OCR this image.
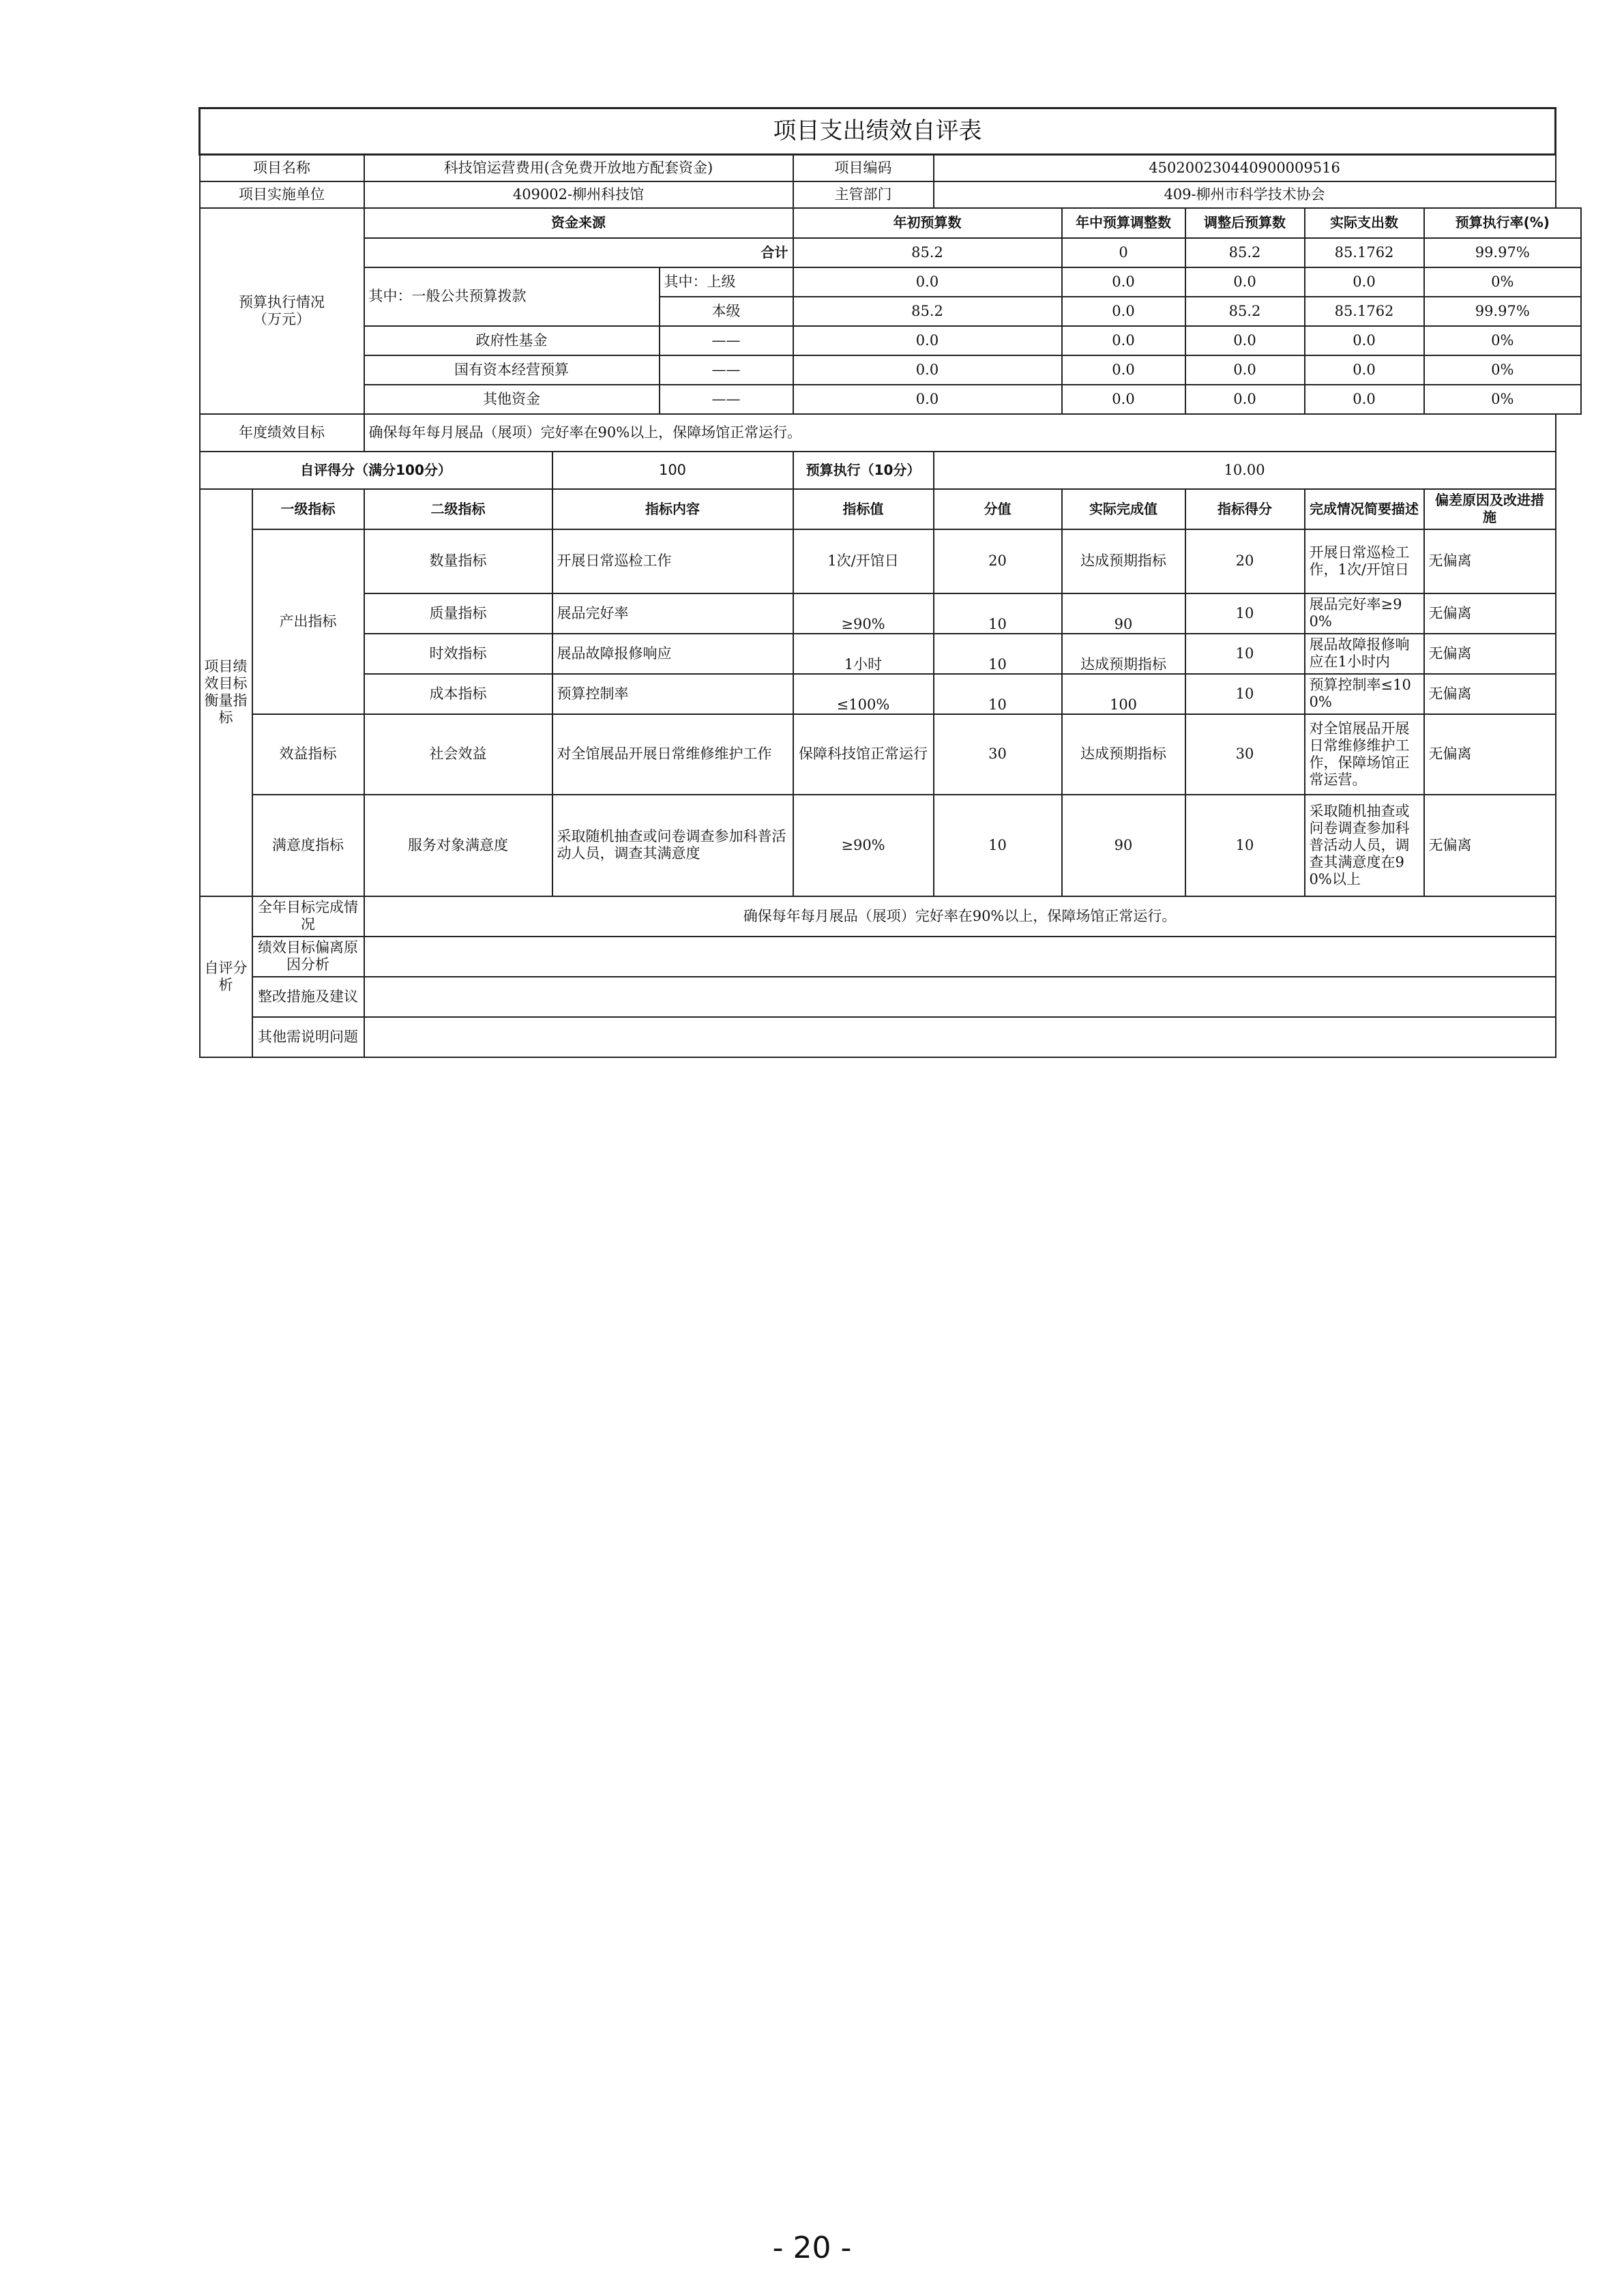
项目支出绩效自评表										
项目名称		科技馆运营费用(含免费开放地方配套资金)			项目编码	450200230440900009516				
项目实施单位		409002-柳州科技馆			主管部门	409-柳州市科学技术协会				
预算执行情况
（万元）		资金来源			年初预算数		年中预算调整数	调整后预算数	实际支出数	预算执行率(%)
		合计			85.2		0	85.2	85.1762	99.97%
		其中：一般公共预算拨款		其中：上级	0.0		0.0	0.0	0.0	0%
				本级	85.2		0.0	85.2	85.1762	99.97%
		政府性基金		——	0.0		0.0	0.0	0.0	0%
		国有资本经营预算		——	0.0		0.0	0.0	0.0	0%
		其他资金		——	0.0		0.0	0.0	0.0	0%
年度绩效目标		确保每年每月展品（展项）完好率在90%以上，保障场馆正常运行。								
自评得分（满分100分）			100		预算执行（10分）	10.00				
项目绩
效目标
衡量指
标	一级指标	二级指标	指标内容		指标值	分值	实际完成值	指标得分	完成情况简要描述	偏差原因及改进措施
	产出指标	数量指标	开展日常巡检工作		1次/开馆日	20	达成预期指标	20	开展日常巡检工作，1次/开馆日	无偏离
		质量指标	展品完好率		≥90%	10	90	10	展品完好率≥90%	无偏离
		时效指标	展品故障报修响应		1小时	10	达成预期指标	10	展品故障报修响应在1小时内	无偏离
		成本指标	预算控制率		≤100%	10	100	10	预算控制率≤100%	无偏离
	效益指标	社会效益	对全馆展品开展日常维修维护工作		保障科技馆正常运行	30	达成预期指标	30	对全馆展品开展日常维修维护工作，保障场馆正常运营。	无偏离
	满意度指标	服务对象满意度	采取随机抽查或问卷调查参加科普活动人员，调查其满意度		≥90%	10	90	10	采取随机抽查或问卷调查参加科普活动人员，调查其满意度在90%以上	无偏离
自评分
析	全年目标完成情况	确保每年每月展品（展项）完好率在90%以上，保障场馆正常运行。								
	绩效目标偏离原因分析									
	整改措施及建议									
	其他需说明问题									
- 20 -
